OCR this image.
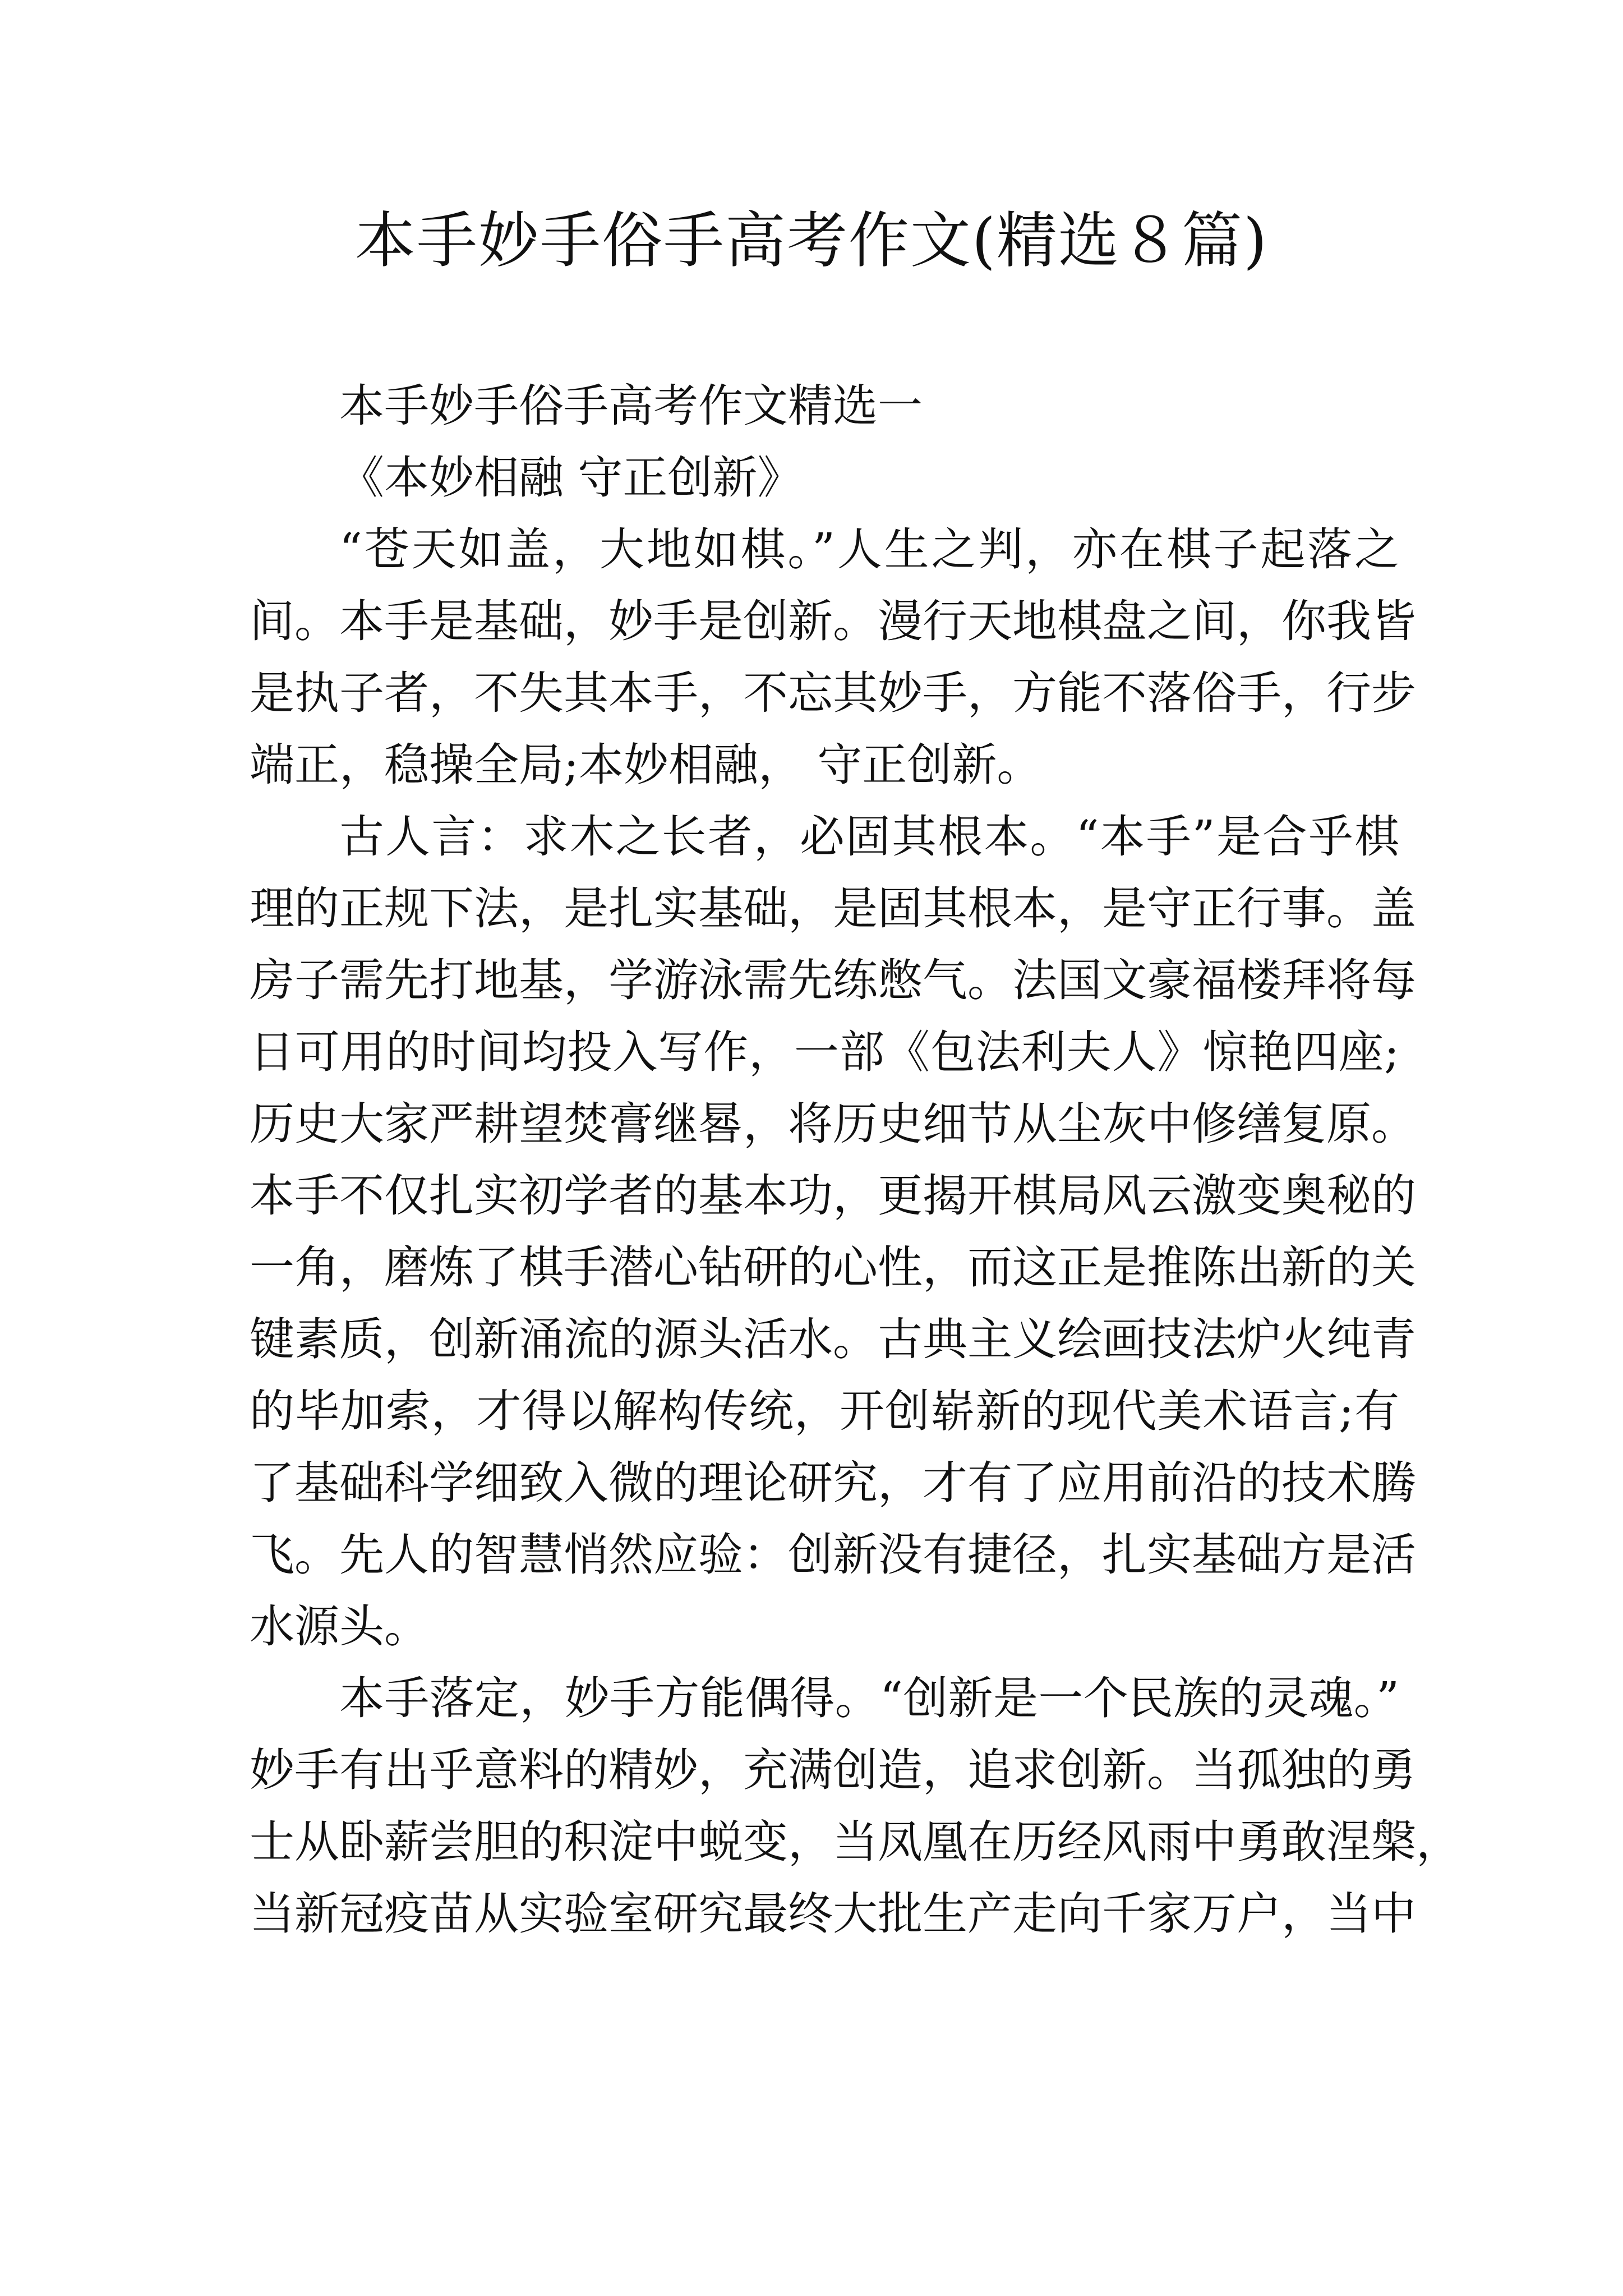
本手妙手俗手高考作文(精选８篇)
本手妙手俗手高考作文精选一
《本妙相融 守正创新》
“苍天如盖，大地如棋。”人生之判，亦在棋子起落之
间。本手是基础，妙手是创新。漫行天地棋盘之间，你我皆
是执子者，不失其本手，不忘其妙手，方能不落俗手，行步
端正，稳操全局;本妙相融， 守正创新。
古人言：求木之长者，必固其根本。“本手”是合乎棋
理的正规下法，是扎实基础，是固其根本，是守正行事。盖
房子需先打地基，学游泳需先练憋气。法国文豪福楼拜将每
日可用的时间均投入写作，一部《包法利夫人》惊艳四座;
历史大家严耕望焚膏继晷，将历史细节从尘灰中修缮复原。
本手不仅扎实初学者的基本功，更揭开棋局风云激变奥秘的
一角，磨炼了棋手潜心钻研的心性，而这正是推陈出新的关
键素质，创新涌流的源头活水。古典主义绘画技法炉火纯青
的毕加索，才得以解构传统，开创崭新的现代美术语言;有
了基础科学细致入微的理论研究，才有了应用前沿的技术腾
飞。先人的智慧悄然应验：创新没有捷径，扎实基础方是活
水源头。
本手落定，妙手方能偶得。“创新是一个民族的灵魂。”
妙手有出乎意料的精妙，充满创造，追求创新。当孤独的勇
士从卧薪尝胆的积淀中蜕变，当凤凰在历经风雨中勇敢涅槃，
当新冠疫苗从实验室研究最终大批生产走向千家万户，当中
